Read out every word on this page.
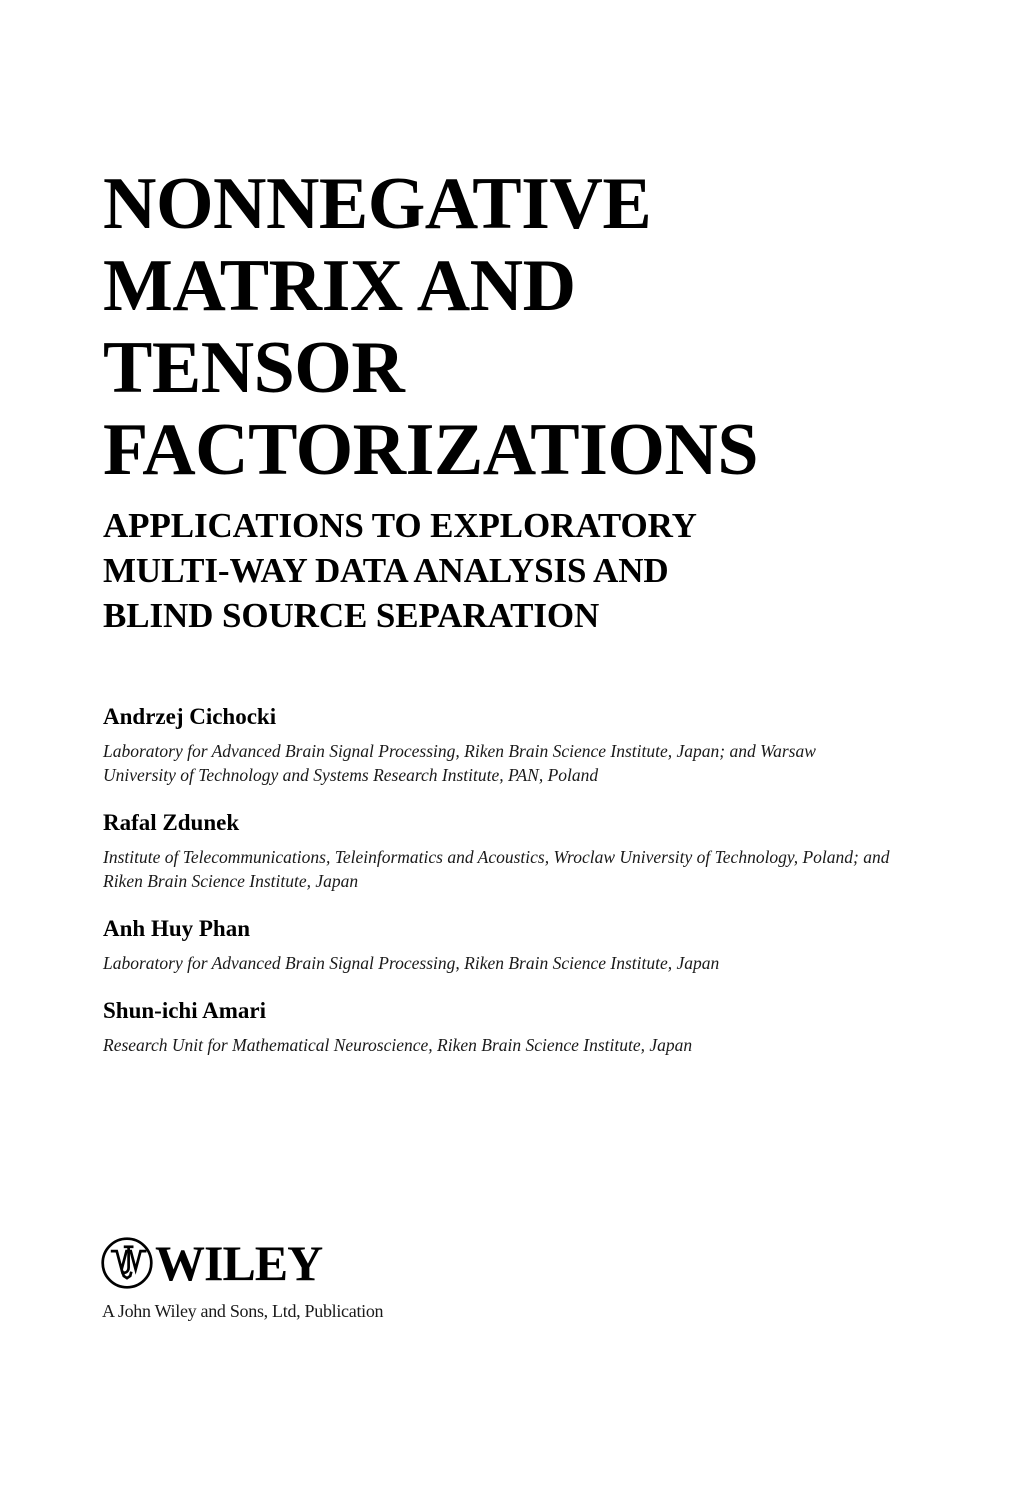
NONNEGATIVE
MATRIX AND
TENSOR
FACTORIZATIONS
APPLICATIONS TO EXPLORATORY
MULTI-WAY DATA ANALYSIS AND
BLIND SOURCE SEPARATION
Andrzej Cichocki
Laboratory for Advanced Brain Signal Processing, Riken Brain Science Institute, Japan; and Warsaw University of Technology and Systems Research Institute, PAN, Poland
Rafal Zdunek
Institute of Telecommunications, Teleinformatics and Acoustics, Wroclaw University of Technology, Poland; and Riken Brain Science Institute, Japan
Anh Huy Phan
Laboratory for Advanced Brain Signal Processing, Riken Brain Science Institute, Japan
Shun-ichi Amari
Research Unit for Mathematical Neuroscience, Riken Brain Science Institute, Japan
WILEY
A John Wiley and Sons, Ltd, Publication
